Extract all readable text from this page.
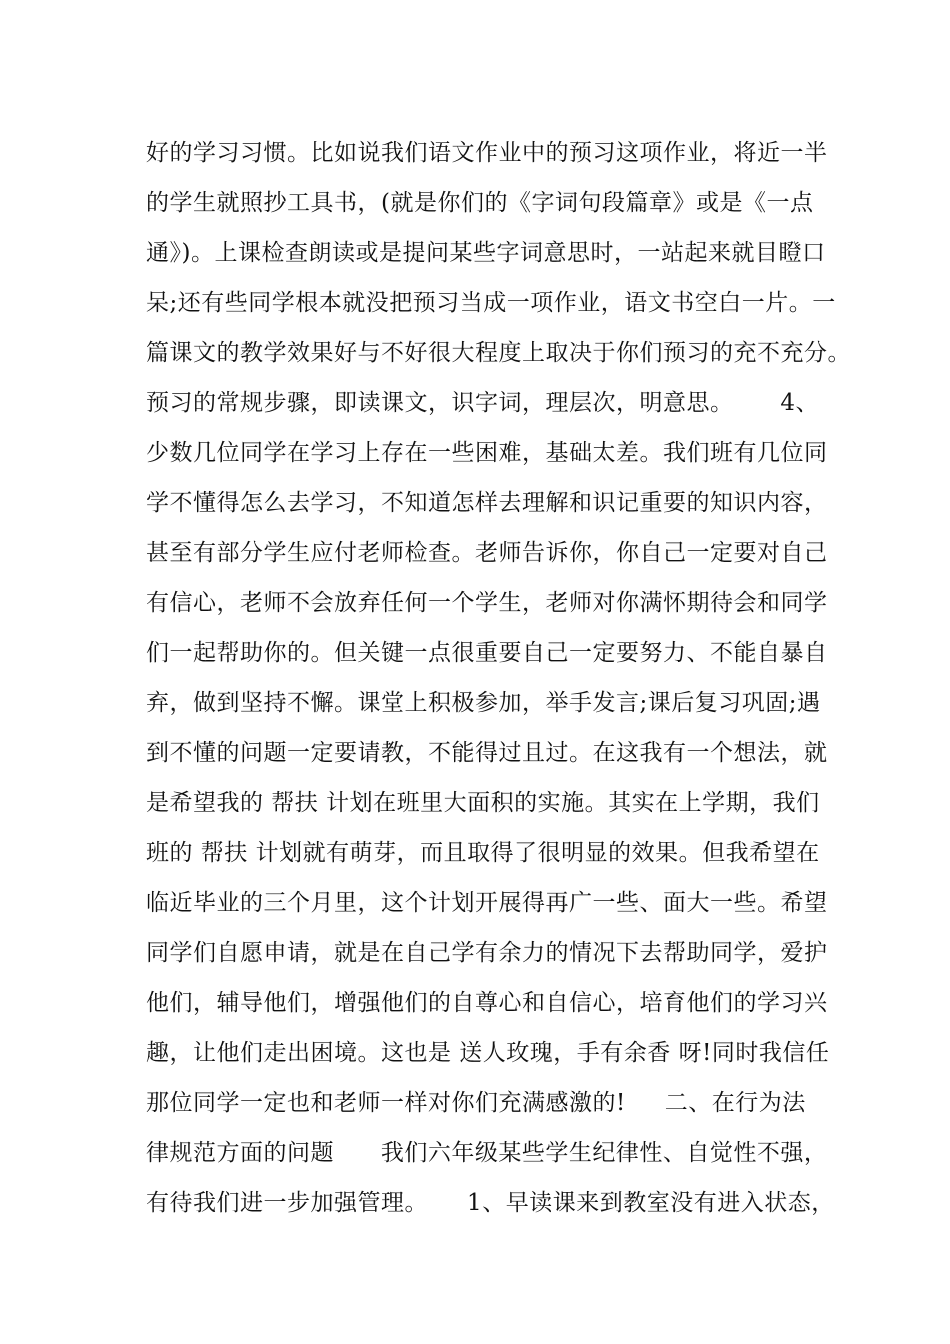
好的学习习惯。比如说我们语文作业中的预习这项作业，将近一半
的学生就照抄工具书，(就是你们的《字词句段篇章》或是《一点
通》)。上课检查朗读或是提问某些字词意思时，一站起来就目瞪口
呆;还有些同学根本就没把预习当成一项作业，语文书空白一片。一
篇课文的教学效果好与不好很大程度上取决于你们预习的充不充分。
预习的常规步骤，即读课文，识字词，理层次，明意思。      4、
少数几位同学在学习上存在一些困难，基础太差。我们班有几位同
学不懂得怎么去学习，不知道怎样去理解和识记重要的知识内容，
甚至有部分学生应付老师检查。老师告诉你，你自己一定要对自己
有信心，老师不会放弃任何一个学生，老师对你满怀期待会和同学
们一起帮助你的。但关键一点很重要自己一定要努力、不能自暴自
弃，做到坚持不懈。课堂上积极参加，举手发言;课后复习巩固;遇
到不懂的问题一定要请教，不能得过且过。在这我有一个想法，就
是希望我的 帮扶 计划在班里大面积的实施。其实在上学期，我们
班的 帮扶 计划就有萌芽，而且取得了很明显的效果。但我希望在
临近毕业的三个月里，这个计划开展得再广一些、面大一些。希望
同学们自愿申请，就是在自己学有余力的情况下去帮助同学，爱护
他们，辅导他们，增强他们的自尊心和自信心，培育他们的学习兴
趣，让他们走出困境。这也是 送人玫瑰，手有余香 呀!同时我信任
那位同学一定也和老师一样对你们充满感激的!     二、在行为法
律规范方面的问题      我们六年级某些学生纪律性、自觉性不强，
有待我们进一步加强管理。     1、早读课来到教室没有进入状态，
